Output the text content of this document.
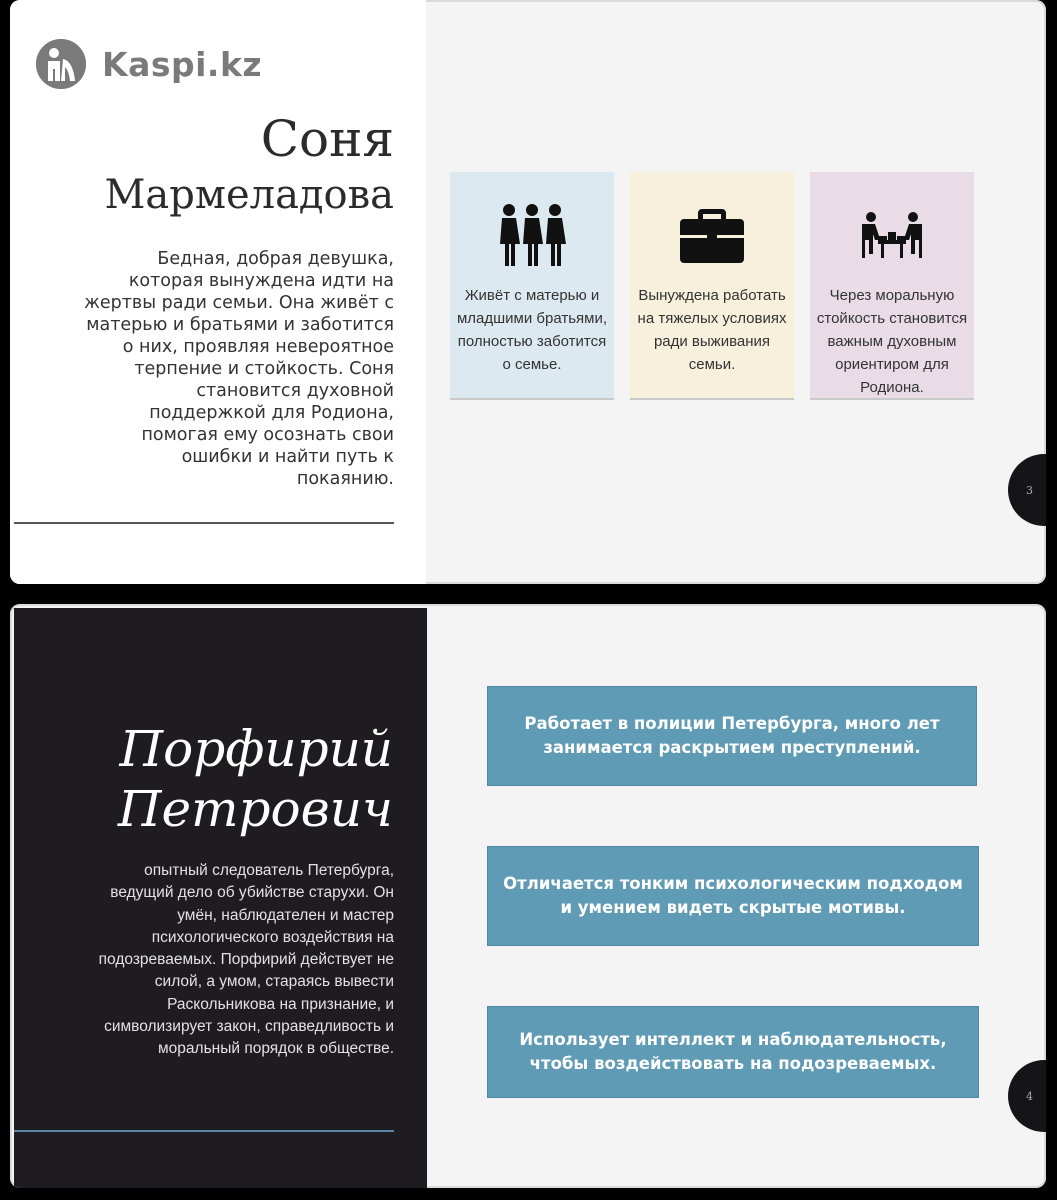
Kaspi.kz
Соня
Мармеладова
Бедная, добрая девушка, которая вынуждена идти на жертвы ради семьи. Она живёт с матерью и братьями и заботится о них, проявляя невероятное терпение и стойкость. Соня становится духовной поддержкой для Родиона, помогая ему осознать свои ошибки и найти путь к покаянию.
Живёт с матерью и младшими братьями, полностью заботится о семье.
Вынуждена работать на тяжелых условиях ради выживания семьи.
Через моральную стойкость становится важным духовным ориентиром для Родиона.
3
Порфирий
Петрович
опытный следователь Петербурга, ведущий дело об убийстве старухи. Он умён, наблюдателен и мастер психологического воздействия на подозреваемых. Порфирий действует не силой, а умом, стараясь вывести Раскольникова на признание, и символизирует закон, справедливость и моральный порядок в обществе.
Работает в полиции Петербурга, много лет занимается раскрытием преступлений.
Отличается тонким психологическим подходом и умением видеть скрытые мотивы.
Использует интеллект и наблюдательность, чтобы воздействовать на подозреваемых.
4
